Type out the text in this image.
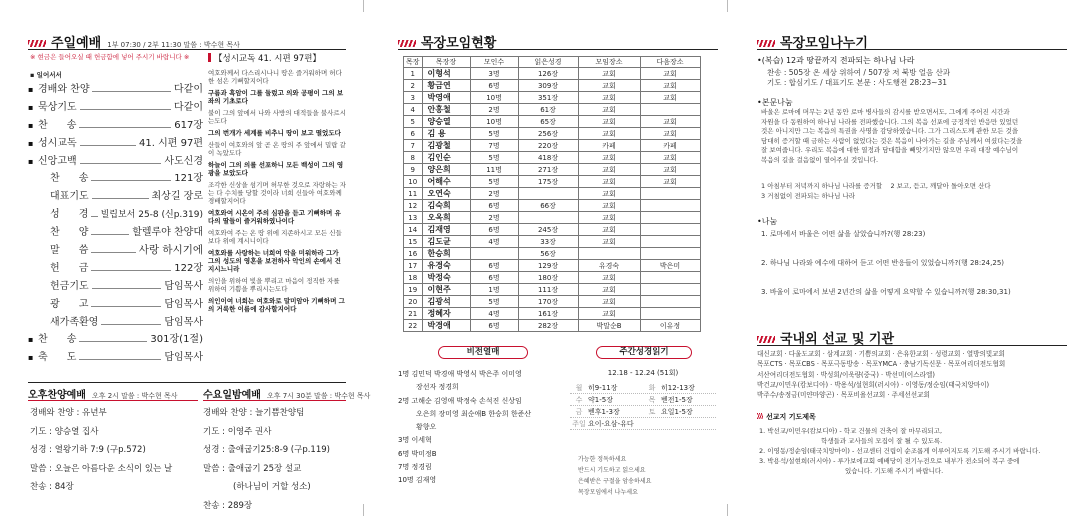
주일예배 1부 07:30 / 2부 11:30 말씀 : 박수현 목사
※ 현금은 들어오실 때 헌금함에 넣어 주시기 바랍니다 ※
▪ 일어서서
▪ 경배와 찬양	다같이
▪ 묵상기도	다같이
▪ 찬      송	617장
▪ 성시교독	41. 시편 97편
▪ 신앙고백	사도신경
찬      송	121장
대표기도	최상길 장로
성      경 빌립보서 25-8 (신p.319)
찬      양	할렐루야 찬양대
말      씀	사랑 하시기에
헌      금	122장
헌금기도	담임목사
광      고	담임목사
새가족환영	담임목사
▪ 찬      송	301장(1절)
▪ 축      도	담임목사
【성시교독 41. 시편 97편】
여호와께서 다스리시나니 땅은 즐거워하며 허다한 섬은 기뻐할지어다
구름과 흑암이 그를 둘렀고 의와 공평이 그의 보좌의 기초로다
불이 그의 앞에서 나와 사방의 대적들을 불사르시는도다
그의 번개가 세계를 비추니 땅이 보고 떨었도다
산들이 여호와의 앞 곧 온 땅의 주 앞에서 밀랍 같이 녹았도다
하늘이 그의 의를 선포하니 모든 백성이 그의 영광을 보았도다
조각한 신상을 섬기며 허무한 것으로 자랑하는 자는 다 수치를 당할 것이라 너희 신들아 여호와께 경배할지어다
여호와여 시온이 주의 심판을 듣고 기뻐하며 유다의 딸들이 즐거워하였나이다
여호와여 주는 온 땅 위에 지존하시고 모든 신들보다 위에 계시니이다
여호와를 사랑하는 너희여 악을 미워하라 그가 그의 성도의 영혼을 보전하사 악인의 손에서 건지시느니라
의인을 위하여 빛을 뿌리고 마음이 정직한 자를 위하여 기쁨을 뿌리시는도다
의인이여 너희는 여호와로 말미암아 기뻐하며 그의 거룩한 이름에 감사할지어다
오후찬양예배 오후 2시 말씀 : 박수현 목사
경배와 찬양 : 유년부
기도 : 양승열 집사
성경 : 열왕기하 7:9 (구p.572)
말씀 : 오늘은 아름다운 소식이 있는 날
찬송 : 84장
수요일밤예배 오후 7시 30분 말씀 : 박수현 목사
경배와 찬양 : 늘기쁨찬양팀
기도 : 이영주 권사
성경 : 출애굽기25:8-9 (구p.119)
말씀 : 출애굽기 25장 설교
(하나님이 거할 성소)
찬송 : 289장
목장모임현황
목장	목장장	모인수	읽은성경	모임장소	다음장소
1	이형석	3명	126장	교회	교회
2	황금연	6명	309장	교회	교회
3	박영애	10명	351장	교회	교회
4	안홍철	2명	61장	교회	
5	양승열	10명	65장	교회	교회
6	김 용	5명	256장	교회	교회
7	김광철	7명	220장	카페	카페
8	김인순	5명	418장	교회	교회
9	양은희	11명	271장	교회	교회
10	어해수	5명	175장	교회	교회
11	오연숙	2명		교회	
12	김숙희	6명	66장	교회	
13	오옥희	2명		교회	
14	김재영	6명	245장	교회	
15	김도균	4명	33장	교회	
16	한승희		56장		
17	유경숙	6명	129장	유경숙	박은미
18	박정숙	6명	180장	교회	
19	이현주	1명	111장	교회	
20	김광석	5명	170장	교회	
21	정혜자	4명	161장	교회	
22	박경애	6명	282장	박말순B	이유정
비전열매
1명 김민덕 박경애 박영식 박은주 이미영
장선자 정경희
2명 고해순 김영애 박정숙 손석진 신상임
오은희 장미영 최순애B 한승희 한준산
황향오
3명 이세혁
6명 박미정B
7명 정경림
10명 김재영
주간성경읽기
12.18 - 12.24 (51회)
월 히9-11장	화 히12-13장
수 약1-5장	목 벧전1-5장
금 벧후1-3장	토 요일1-5장
주일 요이-요삼-유다
가능한 정독하세요
반드시 기도하고 읽으세요
은혜받은 구절을 암송하세요
목장모임에서 나누세요
목장모임나누기
•(복습) 12과 땅끝까지 전파되는 하나님 나라
찬송 : 505장 온 세상 위하여 / 507장 저 북방 얼음 산과
기도 : 합심기도 / 대표기도 본문 : 사도행전 28:23~31
•본문나눔
바울은 로마에 머무는 2년 동안 로마 병사들의 감시를 받으면서도, 그에게 주어진 시간과
자원을 다 동원하여 하나님 나라를 전파했습니다. 그의 복음 선포에 긍정적인 반응만 있었던
것은 아니지만 그는 복음의 특권을 사명을 감당하였습니다. 그가 그리스도께 관한 모든 것을
담대히 증거할 때 금하는 사람이 없었다는 것은 복음이 나아가는 길을 주님께서 여셨다는것을
잘 보여줍니다. 우리도 복음에 대한 열정과 담대함을 빼앗기지만 않으면 우리 대장 예수님이
복음의 길을 걸음없이 열어주실 것입니다.
1 아침부터 저녁까지 하나님 나라를 증거할    2 보고, 듣고, 깨달아 돌아오면 산다
3 거침없이 전파되는 하나님 나라
•나눔
1. 로마에서 바울은 어떤 삶을 살았습니까?(행 28:23)
2. 하나님 나라와 예수에 대하여 듣고 어떤 반응들이 있었습니까?(행 28:24,25)
3. 바울이 로마에서 보낸 2년간의 삶을 어떻게 요약할 수 있습니까?(행 28:30,31)
국내외 선교 및 기관
대신교회 · 다울도교회 · 삼계교회 · 기쁨의교회 · 은유한교회 · 성령교회 · 열방의빛교회
목포CTS · 목포CBS · 목포극동방송 · 목포YMCA · 충남기독신문 · 목포여리더전도협회
서산여리더전도협회 · 박성희/이욱량(중국) · 박선미(이스라엘)
박건교/이민우(캄보디아) · 박용석/설현희(러시아) · 이영동/정순임(태국치앙마이)
박주수/송정금(미얀마양곤) · 목포비욜선교회 · 주세선선교회
선교지 기도제목
1. 박선교/이민우(캄보디아) - 학교 건물의 건축이 잘 마무리되고,
학생들과 교사들의 모집이 잘 될 수 있도록.
2. 이영동/정순임(태국치앙마이) - 선교센터 건립이 순조롭게 이루어지도록 기도해 주시기 바랍니다.
3. 박용석/설현희(러시아) - 루가보에교회 예배당이 전기누전으로 내부가 전소되어 복구 중에
있습니다. 기도해 주시기 바랍니다.
